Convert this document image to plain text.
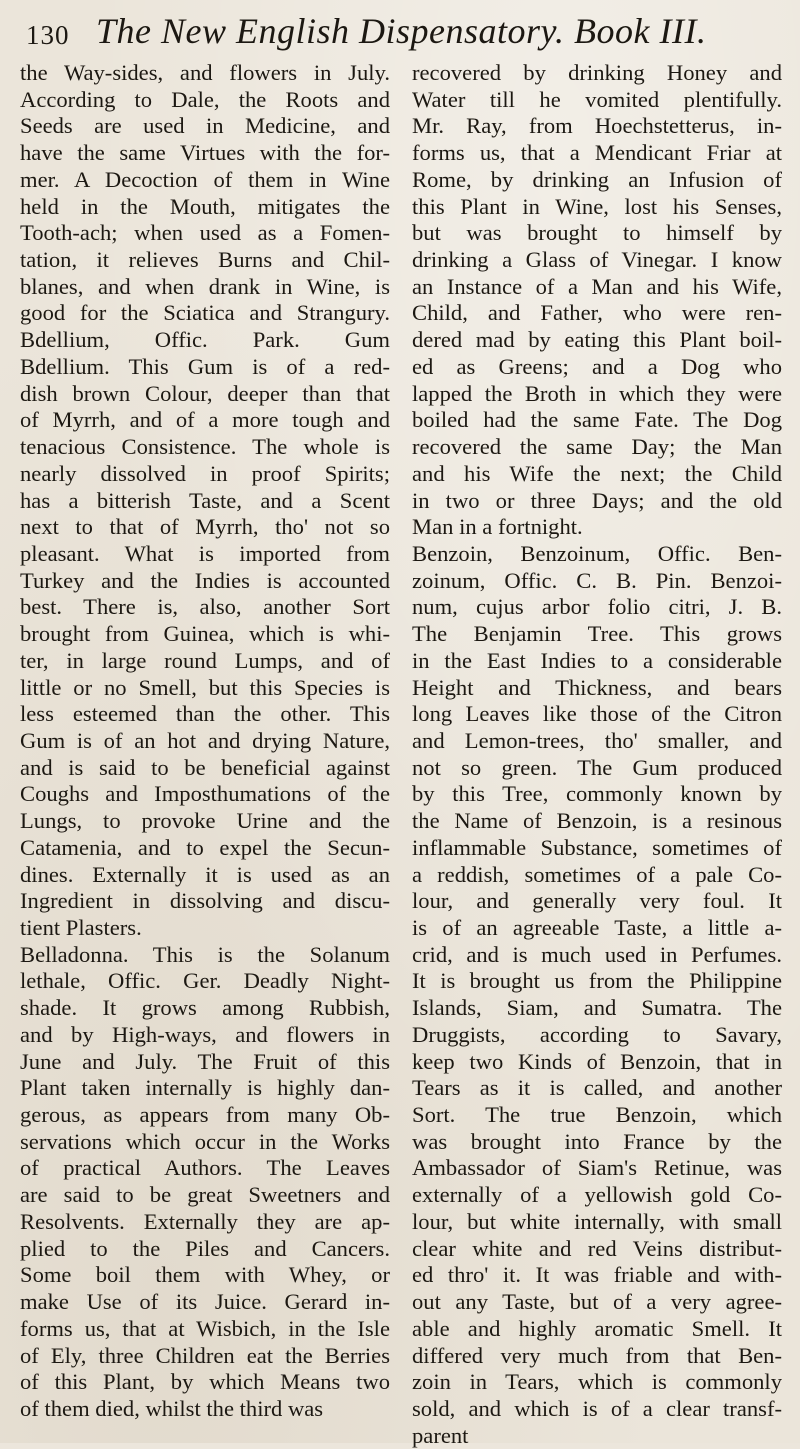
130 The New English Dispensatory. Book III.
the Way-sides, and flowers in July.
According to Dale, the Roots and
Seeds are used in Medicine, and
have the same Virtues with the for-
mer. A Decoction of them in Wine
held in the Mouth, mitigates the
Tooth-ach; when used as a Fomen-
tation, it relieves Burns and Chil-
blanes, and when drank in Wine, is
good for the Sciatica and Strangury.
Bdellium, Offic. Park. Gum
Bdellium. This Gum is of a red-
dish brown Colour, deeper than that
of Myrrh, and of a more tough and
tenacious Consistence. The whole is
nearly dissolved in proof Spirits;
has a bitterish Taste, and a Scent
next to that of Myrrh, tho' not so
pleasant. What is imported from
Turkey and the Indies is accounted
best. There is, also, another Sort
brought from Guinea, which is whi-
ter, in large round Lumps, and of
little or no Smell, but this Species is
less esteemed than the other. This
Gum is of an hot and drying Nature,
and is said to be beneficial against
Coughs and Imposthumations of the
Lungs, to provoke Urine and the
Catamenia, and to expel the Secun-
dines. Externally it is used as an
Ingredient in dissolving and discu-
tient Plasters.
Belladonna. This is the Solanum
lethale, Offic. Ger. Deadly Night-
shade. It grows among Rubbish,
and by High-ways, and flowers in
June and July. The Fruit of this
Plant taken internally is highly dan-
gerous, as appears from many Ob-
servations which occur in the Works
of practical Authors. The Leaves
are said to be great Sweetners and
Resolvents. Externally they are ap-
plied to the Piles and Cancers.
Some boil them with Whey, or
make Use of its Juice. Gerard in-
forms us, that at Wisbich, in the Isle
of Ely, three Children eat the Berries
of this Plant, by which Means two
of them died, whilst the third was
recovered by drinking Honey and
Water till he vomited plentifully.
Mr. Ray, from Hoechstetterus, in-
forms us, that a Mendicant Friar at
Rome, by drinking an Infusion of
this Plant in Wine, lost his Senses,
but was brought to himself by
drinking a Glass of Vinegar. I know
an Instance of a Man and his Wife,
Child, and Father, who were ren-
dered mad by eating this Plant boil-
ed as Greens; and a Dog who
lapped the Broth in which they were
boiled had the same Fate. The Dog
recovered the same Day; the Man
and his Wife the next; the Child
in two or three Days; and the old
Man in a fortnight.
Benzoin, Benzoinum, Offic. Ben-
zoinum, Offic. C. B. Pin. Benzoi-
num, cujus arbor folio citri, J. B.
The Benjamin Tree. This grows
in the East Indies to a considerable
Height and Thickness, and bears
long Leaves like those of the Citron
and Lemon-trees, tho' smaller, and
not so green. The Gum produced
by this Tree, commonly known by
the Name of Benzoin, is a resinous
inflammable Substance, sometimes of
a reddish, sometimes of a pale Co-
lour, and generally very foul. It
is of an agreeable Taste, a little a-
crid, and is much used in Perfumes.
It is brought us from the Philippine
Islands, Siam, and Sumatra. The
Druggists, according to Savary,
keep two Kinds of Benzoin, that in
Tears as it is called, and another
Sort. The true Benzoin, which
was brought into France by the
Ambassador of Siam's Retinue, was
externally of a yellowish gold Co-
lour, but white internally, with small
clear white and red Veins distribut-
ed thro' it. It was friable and with-
out any Taste, but of a very agree-
able and highly aromatic Smell. It
differed very much from that Ben-
zoin in Tears, which is commonly
sold, and which is of a clear transf-
parent
